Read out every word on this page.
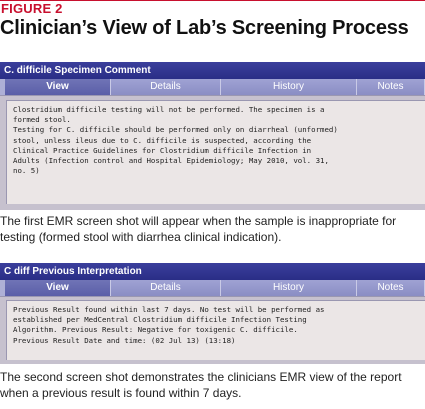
FIGURE 2
Clinician’s View of Lab’s Screening Process
C. difficile Specimen Comment
View	Details	History	Notes
Clostridium difficile testing will not be performed. The specimen is a
formed stool.
Testing for C. difficile should be performed only on diarrheal (unformed)
stool, unless ileus due to C. difficile is suspected, according the
Clinical Practice Guidelines for Clostridium difficile Infection in
Adults (Infection control and Hospital Epidemiology; May 2010, vol. 31,
no. 5)
The first EMR screen shot will appear when the sample is inappropriate for testing (formed stool with diarrhea clinical indication).
C diff Previous Interpretation
View	Details	History	Notes
Previous Result found within last 7 days. No test will be performed as
established per MedCentral Clostridium difficile Infection Testing
Algorithm. Previous Result: Negative for toxigenic C. difficile.
Previous Result Date and time: (02 Jul 13) (13:18)
The second screen shot demonstrates the clinicians EMR view of the report when a previous result is found within 7 days.
